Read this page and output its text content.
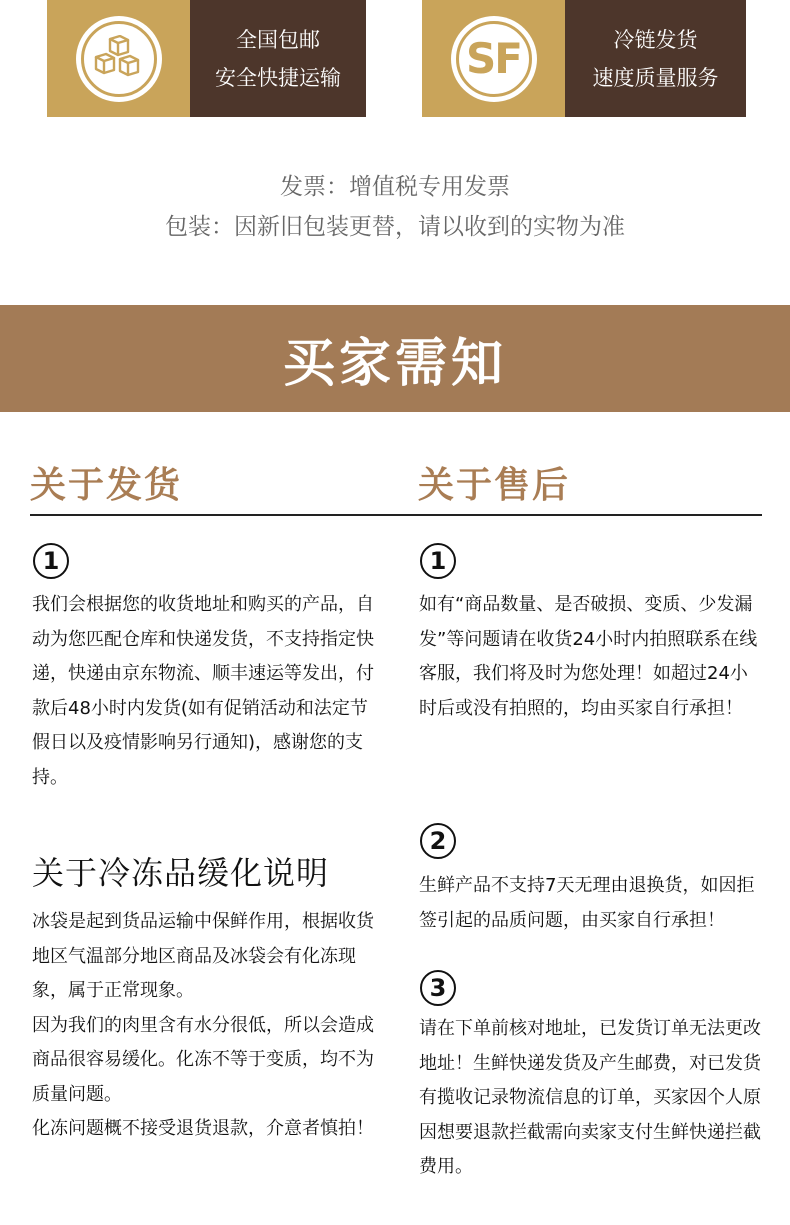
全国包邮
安全快捷运输	SF	冷链发货
速度质量服务
发票：增值税专用发票
包装：因新旧包装更替，请以收到的实物为准
买家需知
关于发货	关于售后
1

我们会根据您的收货地址和购买的产品，自动为您匹配仓库和快递发货，不支持指定快递，快递由京东物流、顺丰速运等发出，付款后48小时内发货(如有促销活动和法定节假日以及疫情影响另行通知)，感谢您的支持。

关于冷冻品缓化说明

冰袋是起到货品运输中保鲜作用，根据收货地区气温部分地区商品及冰袋会有化冻现象，属于正常现象。
因为我们的肉里含有水分很低，所以会造成商品很容易缓化。化冻不等于变质，均不为质量问题。
化冻问题概不接受退货退款，介意者慎拍！

1

如有“商品数量、是否破损、变质、少发漏发”等问题请在收货24小时内拍照联系在线客服，我们将及时为您处理！如超过24小时后或没有拍照的，均由买家自行承担！

2

生鲜产品不支持7天无理由退换货，如因拒签引起的品质问题，由买家自行承担！

3

请在下单前核对地址，已发货订单无法更改地址！生鲜快递发货及产生邮费，对已发货有揽收记录物流信息的订单，买家因个人原因想要退款拦截需向卖家支付生鲜快递拦截费用。
